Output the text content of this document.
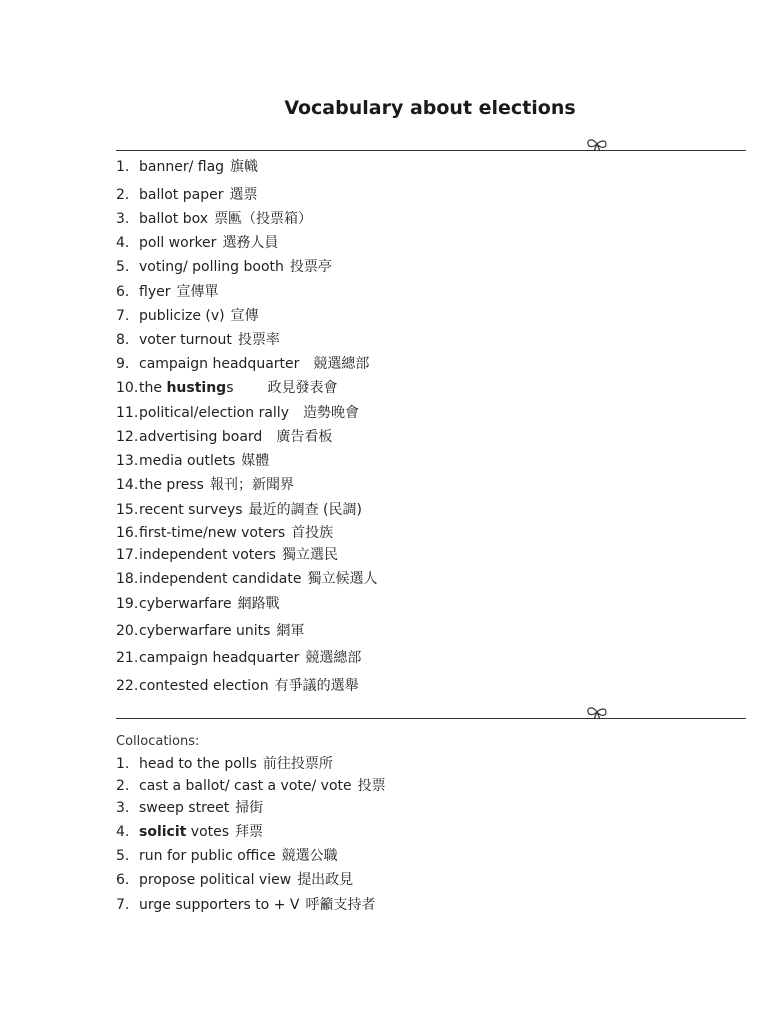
Vocabulary about elections
1. banner/ flag 旗幟
2. ballot paper 選票
3. ballot box 票匭（投票箱）
4. poll worker 選務人員
5. voting/ polling booth 投票亭
6. flyer 宣傳單
7. publicize (v) 宣傳
8. voter turnout 投票率
9. campaign headquarter 競選總部
10.the hustings 政見發表會
11.political/election rally 造勢晚會
12.advertising board 廣告看板
13.media outlets 媒體
14.the press 報刊；新聞界
15.recent surveys 最近的調查 (民調)
16.first-time/new voters 首投族
17.independent voters 獨立選民
18.independent candidate 獨立候選人
19.cyberwarfare 網路戰
20.cyberwarfare units 網軍
21.campaign headquarter 競選總部
22.contested election 有爭議的選舉
Collocations:
1. head to the polls 前往投票所
2. cast a ballot/ cast a vote/ vote 投票
3. sweep street 掃街
4. solicit votes 拜票
5. run for public office 競選公職
6. propose political view 提出政見
7. urge supporters to + V 呼籲支持者
